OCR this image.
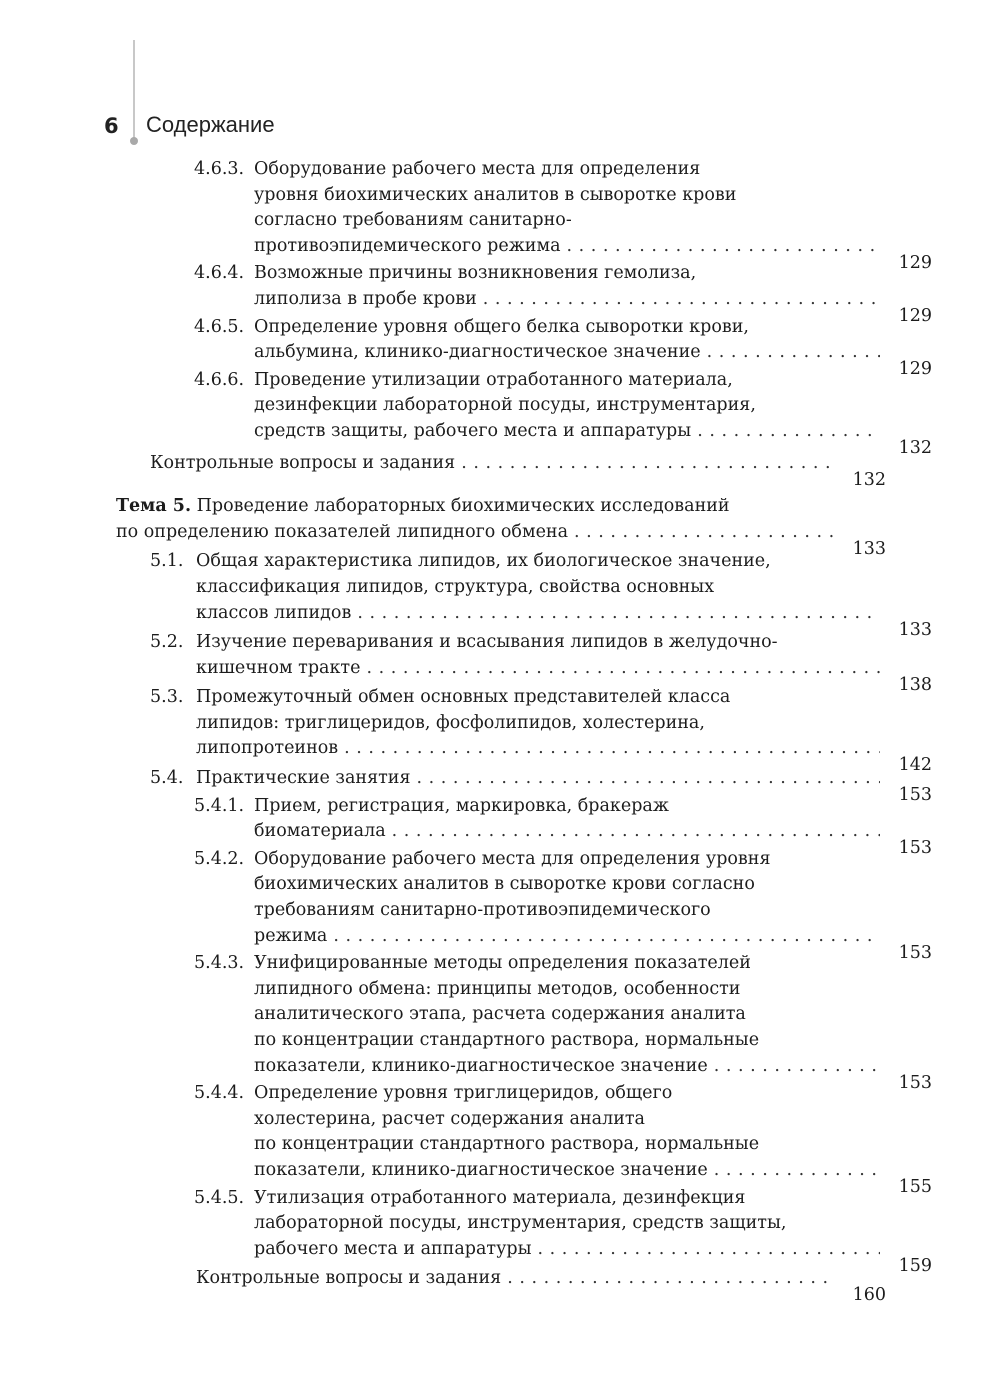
6 Содержание
4.6.3. Оборудование рабочего места для определения
уровня биохимических аналитов в сыворотке крови
согласно требованиям санитарно-
противоэпидемического режима
. . .
129
4.6.4. Возможные причины возникновения гемолиза,
липолиза в пробе крови
. . .
129
4.6.5. Определение уровня общего белка сыворотки крови,
альбумина, клинико-диагностическое значение
. . .
129
4.6.6. Проведение утилизации отработанного материала,
дезинфекции лабораторной посуды, инструментария,
средств защиты, рабочего места и аппаратуры
. . .
132
Контрольные вопросы и задания
. . .
132
Тема 5. Проведение лабораторных биохимических исследований
по определению показателей липидного обмена
. . .
133
5.1. Общая характеристика липидов, их биологическое значение,
классификация липидов, структура, свойства основных
классов липидов
. . .
133
5.2. Изучение переваривания и всасывания липидов в желудочно-
кишечном тракте
. . .
138
5.3. Промежуточный обмен основных представителей класса
липидов: триглицеридов, фосфолипидов, холестерина,
липопротеинов
. . .
142
5.4. Практические занятия
. . .
153
5.4.1. Прием, регистрация, маркировка, бракераж
биоматериала
. . .
153
5.4.2. Оборудование рабочего места для определения уровня
биохимических аналитов в сыворотке крови согласно
требованиям санитарно-противоэпидемического
режима
. . .
153
5.4.3. Унифицированные методы определения показателей
липидного обмена: принципы методов, особенности
аналитического этапа, расчета содержания аналита
по концентрации стандартного раствора, нормальные
показатели, клинико-диагностическое значение
. . .
153
5.4.4. Определение уровня триглицеридов, общего
холестерина, расчет содержания аналита
по концентрации стандартного раствора, нормальные
показатели, клинико-диагностическое значение
. . .
155
5.4.5. Утилизация отработанного материала, дезинфекция
лабораторной посуды, инструментария, средств защиты,
рабочего места и аппаратуры
. . .
159
Контрольные вопросы и задания
. . .
160
